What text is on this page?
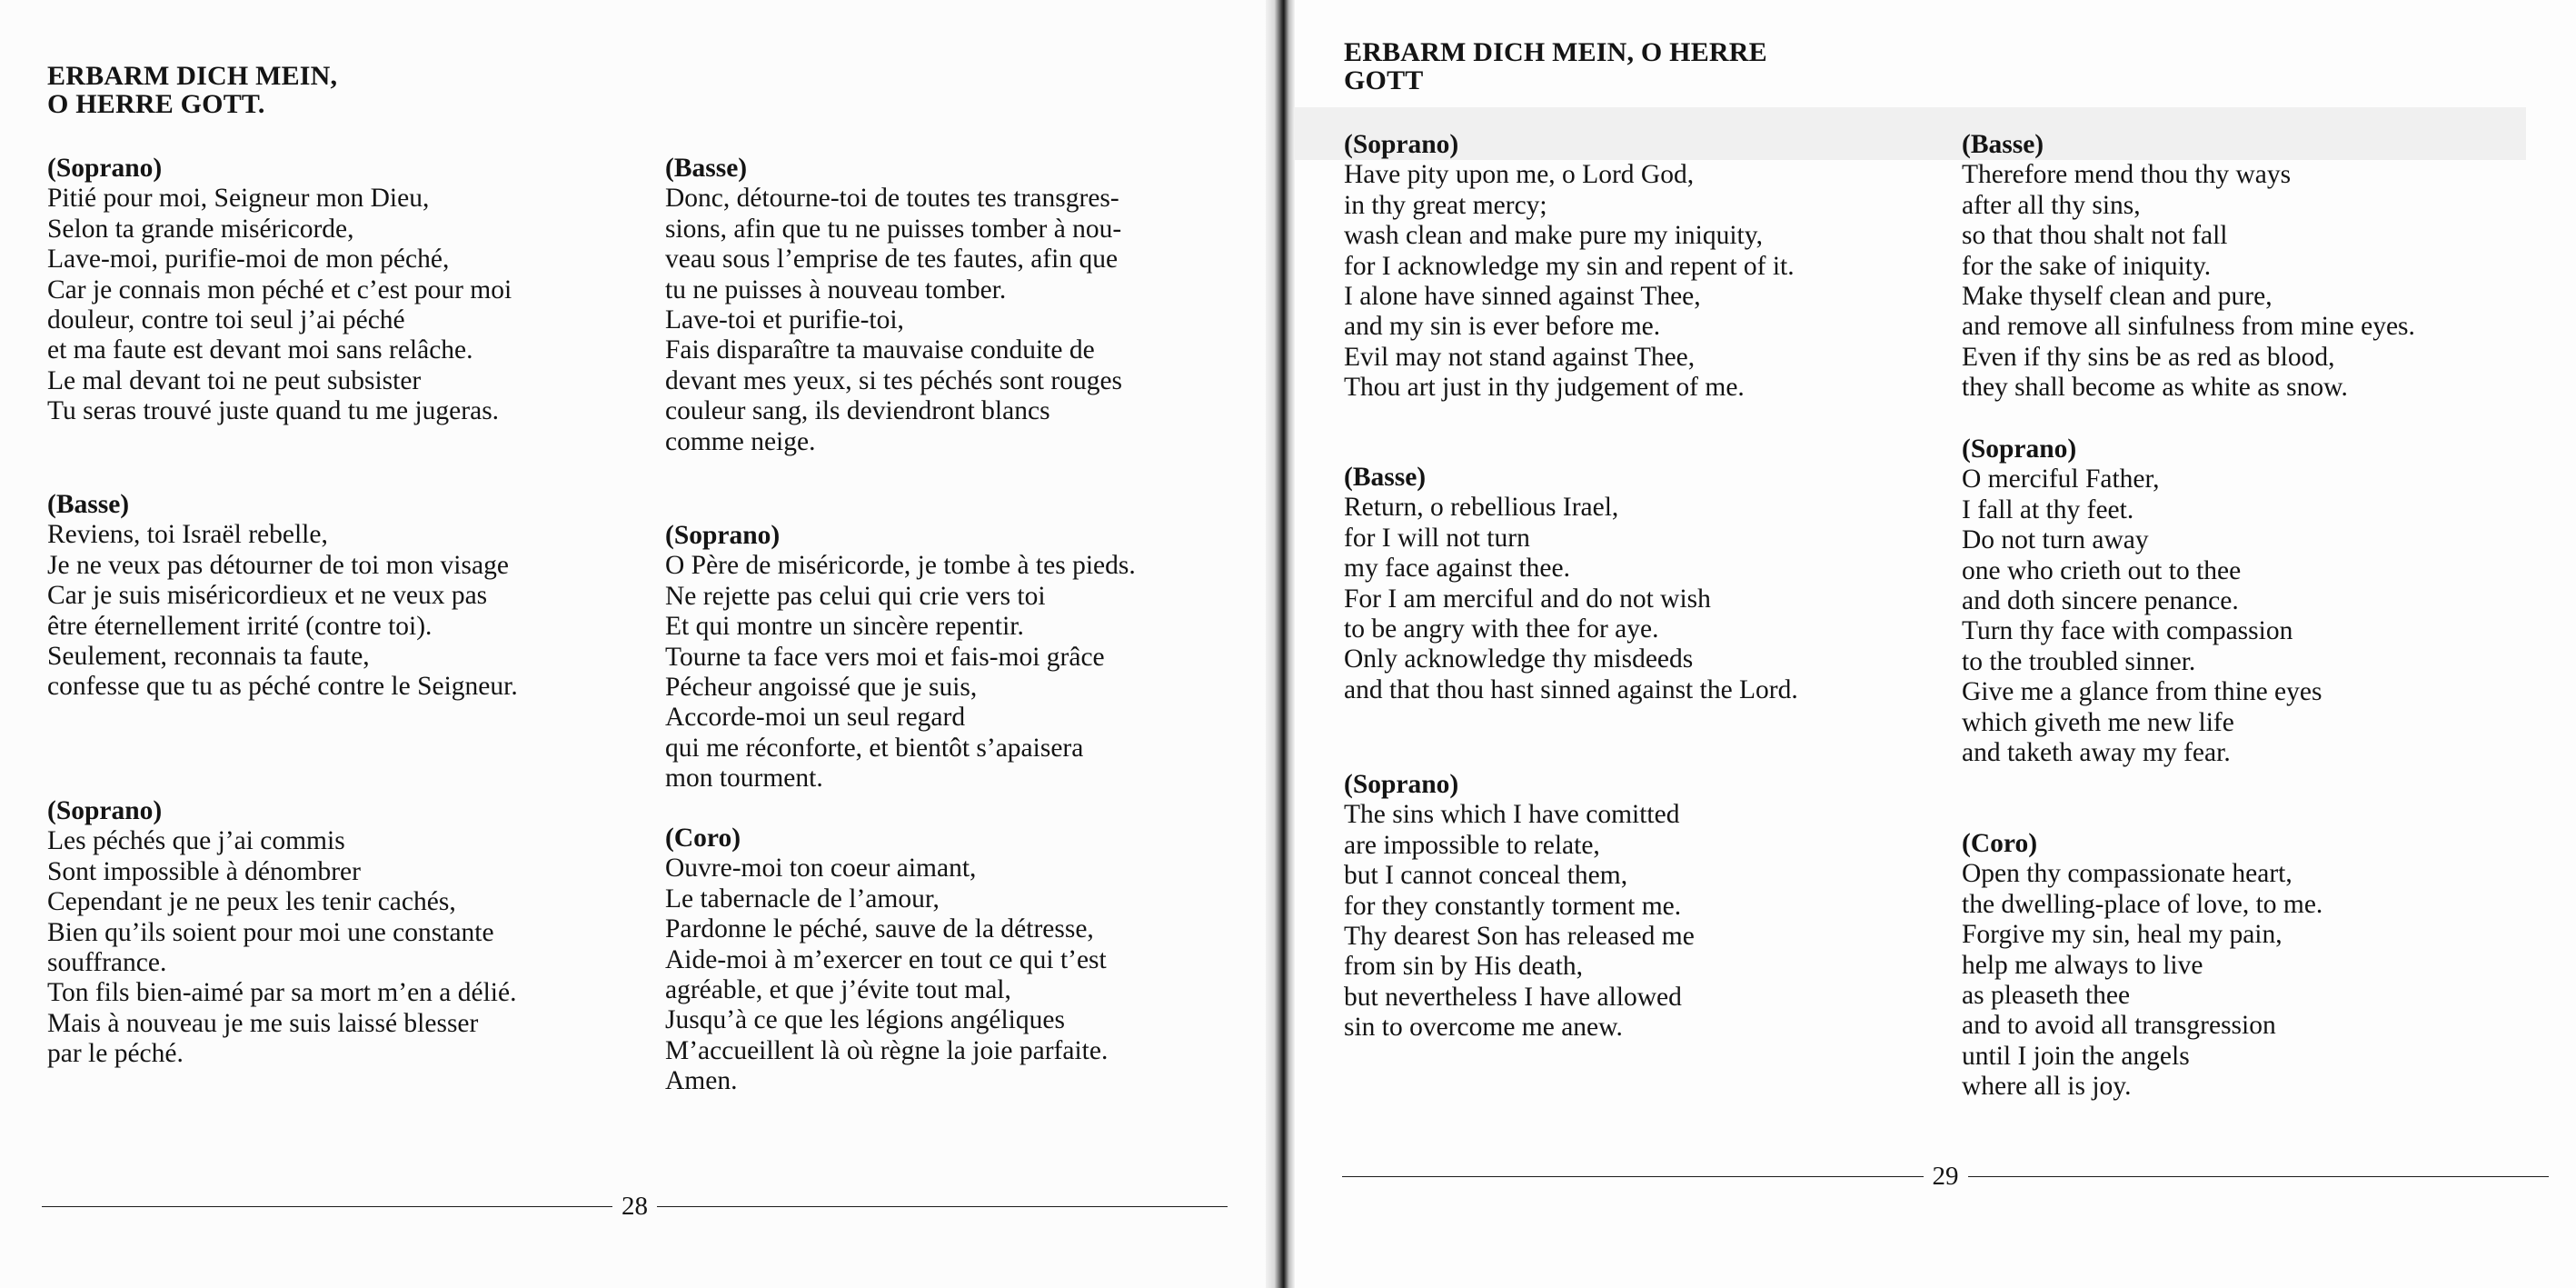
ERBARM DICH MEIN,
O HERRE GOTT.
(Soprano)

Pitié pour moi, Seigneur mon Dieu,

Selon ta grande miséricorde,

Lave-moi, purifie-moi de mon péché,

Car je connais mon péché et c’est pour moi

douleur, contre toi seul j’ai péché

et ma faute est devant moi sans relâche.

Le mal devant toi ne peut subsister

Tu seras trouvé juste quand tu me jugeras.

(Basse)

Reviens, toi Israël rebelle,

Je ne veux pas détourner de toi mon visage

Car je suis miséricordieux et ne veux pas

être éternellement irrité (contre toi).

Seulement, reconnais ta faute,

confesse que tu as péché contre le Seigneur.

(Soprano)

Les péchés que j’ai commis

Sont impossible à dénombrer

Cependant je ne peux les tenir cachés,

Bien qu’ils soient pour moi une constante

souffrance.

Ton fils bien-aimé par sa mort m’en a délié.

Mais à nouveau je me suis laissé blesser

par le péché.

(Basse)

Donc, détourne-toi de toutes tes transgres-

sions, afin que tu ne puisses tomber à nou-

veau sous l’emprise de tes fautes, afin que

tu ne puisses à nouveau tomber.

Lave-toi et purifie-toi,

Fais disparaître ta mauvaise conduite de

devant mes yeux, si tes péchés sont rouges

couleur sang, ils deviendront blancs

comme neige.

(Soprano)

O Père de miséricorde, je tombe à tes pieds.

Ne rejette pas celui qui crie vers toi

Et qui montre un sincère repentir.

Tourne ta face vers moi et fais-moi grâce

Pécheur angoissé que je suis,

Accorde-moi un seul regard

qui me réconforte, et bientôt s’apaisera

mon tourment.

(Coro)

Ouvre-moi ton coeur aimant,

Le tabernacle de l’amour,

Pardonne le péché, sauve de la détresse,

Aide-moi à m’exercer en tout ce qui t’est

agréable, et que j’évite tout mal,

Jusqu’à ce que les légions angéliques

M’accueillent là où règne la joie parfaite.

Amen.

28
ERBARM DICH MEIN, O HERRE
GOTT
(Soprano)

Have pity upon me, o Lord God,

in thy great mercy;

wash clean and make pure my iniquity,

for I acknowledge my sin and repent of it.

I alone have sinned against Thee,

and my sin is ever before me.

Evil may not stand against Thee,

Thou art just in thy judgement of me.

(Basse)

Return, o rebellious Irael,

for I will not turn

my face against thee.

For I am merciful and do not wish

to be angry with thee for aye.

Only acknowledge thy misdeeds

and that thou hast sinned against the Lord.

(Soprano)

The sins which I have comitted

are impossible to relate,

but I cannot conceal them,

for they constantly torment me.

Thy dearest Son has released me

from sin by His death,

but nevertheless I have allowed

sin to overcome me anew.

(Basse)

Therefore mend thou thy ways

after all thy sins,

so that thou shalt not fall

for the sake of iniquity.

Make thyself clean and pure,

and remove all sinfulness from mine eyes.

Even if thy sins be as red as blood,

they shall become as white as snow.

(Soprano)

O merciful Father,

I fall at thy feet.

Do not turn away

one who crieth out to thee

and doth sincere penance.

Turn thy face with compassion

to the troubled sinner.

Give me a glance from thine eyes

which giveth me new life

and taketh away my fear.

(Coro)

Open thy compassionate heart,

the dwelling-place of love, to me.

Forgive my sin, heal my pain,

help me always to live

as pleaseth thee

and to avoid all transgression

until I join the angels

where all is joy.

29
